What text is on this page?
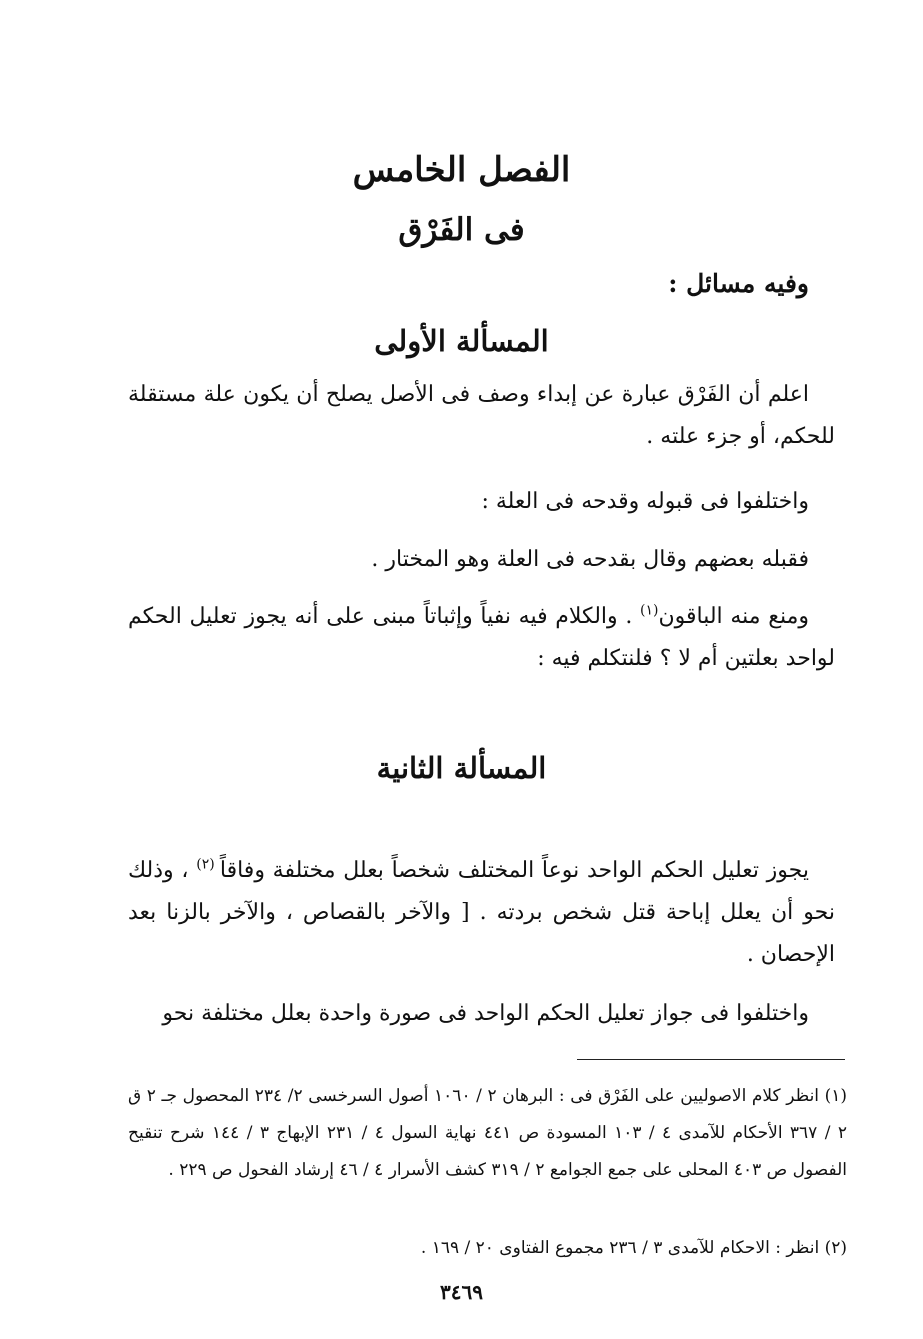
الفصل الخامس
فى الفَرْق
وفيه مسائل :
المسألة الأولى
اعلم أن الفَرْق عبارة عن إبداء وصف فى الأصل يصلح أن يكون علة مستقلة للحكم، أو جزء علته .
واختلفوا فى قبوله وقدحه فى العلة :
فقبله بعضهم وقال بقدحه فى العلة وهو المختار .
ومنع منه الباقون$^{(١)}$ . والكلام فيه نفياً وإثباتاً مبنى على أنه يجوز تعليل الحكم لواحد بعلتين أم لا ؟ فلنتكلم فيه :
المسألة الثانية
يجوز تعليل الحكم الواحد نوعاً المختلف شخصاً بعلل مختلفة وفاقاً $^{(٢)}$ ، وذلك نحو أن يعلل إباحة قتل شخص بردته . [ والآخر بالقصاص ، والآخر بالزنا بعد الإحصان .
واختلفوا فى جواز تعليل الحكم الواحد فى صورة واحدة بعلل مختلفة نحو
(١) انظر كلام الاصوليين على الفَرْق فى : البرهان ٢ / ١٠٦٠ أصول السرخسى ٢/ ٢٣٤ المحصول جـ ٢ ق ٢ / ٣٦٧ الأحكام للآمدى ٤ / ١٠٣ المسودة ص ٤٤١ نهاية السول ٤ / ٢٣١ الإبهاج ٣ / ١٤٤ شرح تنقيح الفصول ص ٤٠٣ المحلى على جمع الجوامع ٢ / ٣١٩ كشف الأسرار ٤ / ٤٦ إرشاد الفحول ص ٢٢٩ .
(٢) انظر : الاحكام للآمدى ٣ / ٢٣٦ مجموع الفتاوى ٢٠ / ١٦٩ .
٣٤٦٩
